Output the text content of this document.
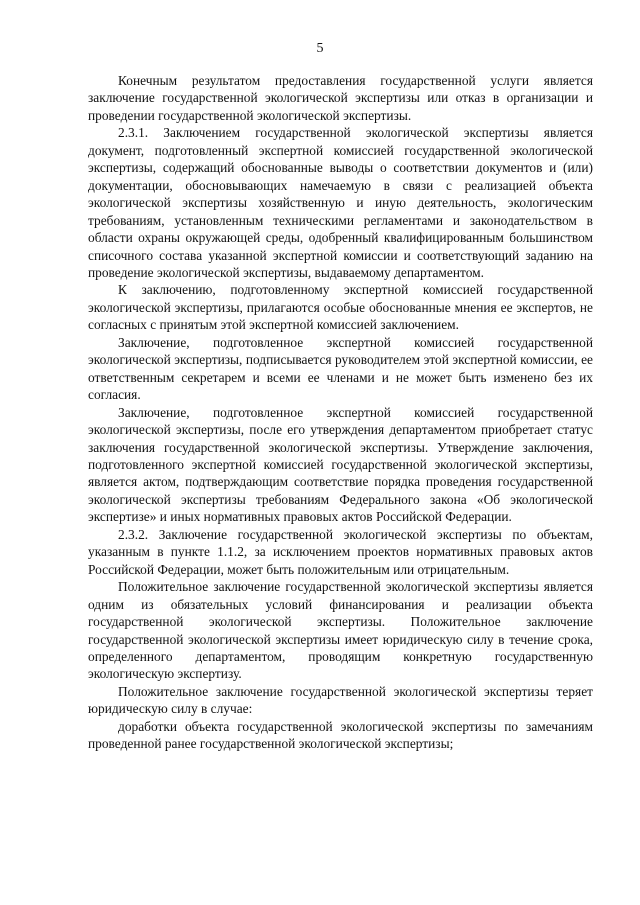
5

Конечным результатом предоставления государственной услуги является заключение государственной экологической экспертизы или отказ в организации и проведении государственной экологической экспертизы.

2.3.1. Заключением государственной экологической экспертизы является документ, подготовленный экспертной комиссией государственной экологической экспертизы, содержащий обоснованные выводы о соответствии документов и (или) документации, обосновывающих намечаемую в связи с реализацией объекта экологической экспертизы хозяйственную и иную деятельность, экологическим требованиям, установленным техническими регламентами и законодательством в области охраны окружающей среды, одобренный квалифицированным большинством списочного состава указанной экспертной комиссии и соответствующий заданию на проведение экологической экспертизы, выдаваемому департаментом.

К заключению, подготовленному экспертной комиссией государственной экологической экспертизы, прилагаются особые обоснованные мнения ее экспертов, не согласных с принятым этой экспертной комиссией заключением.

Заключение, подготовленное экспертной комиссией государственной экологической экспертизы, подписывается руководителем этой экспертной комиссии, ее ответственным секретарем и всеми ее членами и не может быть изменено без их согласия.

Заключение, подготовленное экспертной комиссией государственной экологической экспертизы, после его утверждения департаментом приобретает статус заключения государственной экологической экспертизы. Утверждение заключения, подготовленного экспертной комиссией государственной экологической экспертизы, является актом, подтверждающим соответствие порядка проведения государственной экологической экспертизы требованиям Федерального закона «Об экологической экспертизе» и иных нормативных правовых актов Российской Федерации.

2.3.2. Заключение государственной экологической экспертизы по объектам, указанным в пункте 1.1.2, за исключением проектов нормативных правовых актов Российской Федерации, может быть положительным или отрицательным.

Положительное заключение государственной экологической экспертизы является одним из обязательных условий финансирования и реализации объекта государственной экологической экспертизы. Положительное заключение государственной экологической экспертизы имеет юридическую силу в течение срока, определенного департаментом, проводящим конкретную государственную экологическую экспертизу.

Положительное заключение государственной экологической экспертизы теряет юридическую силу в случае:

доработки объекта государственной экологической экспертизы по замечаниям проведенной ранее государственной экологической экспертизы;
